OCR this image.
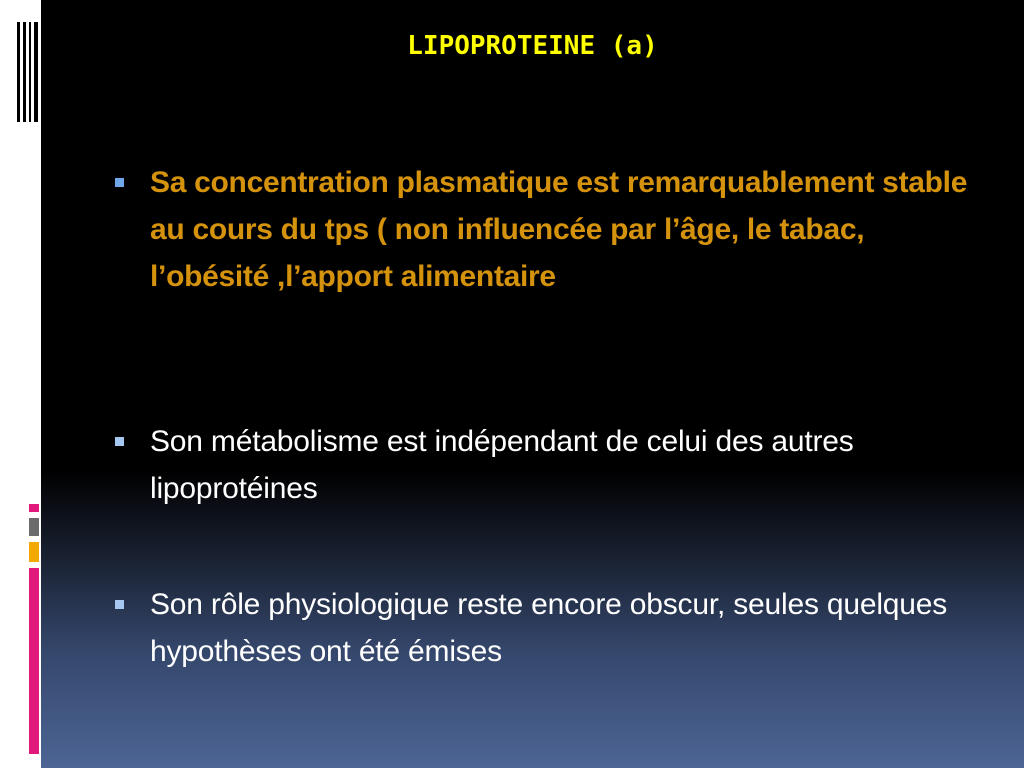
LIPOPROTEINE (a)
Sa concentration plasmatique est remarquablement stable au cours du tps ( non influencée par l’âge, le tabac, l’obésité ,l’apport alimentaire
Son métabolisme est indépendant de celui des autres lipoprotéines
Son rôle physiologique reste encore obscur, seules quelques hypothèses ont été émises
